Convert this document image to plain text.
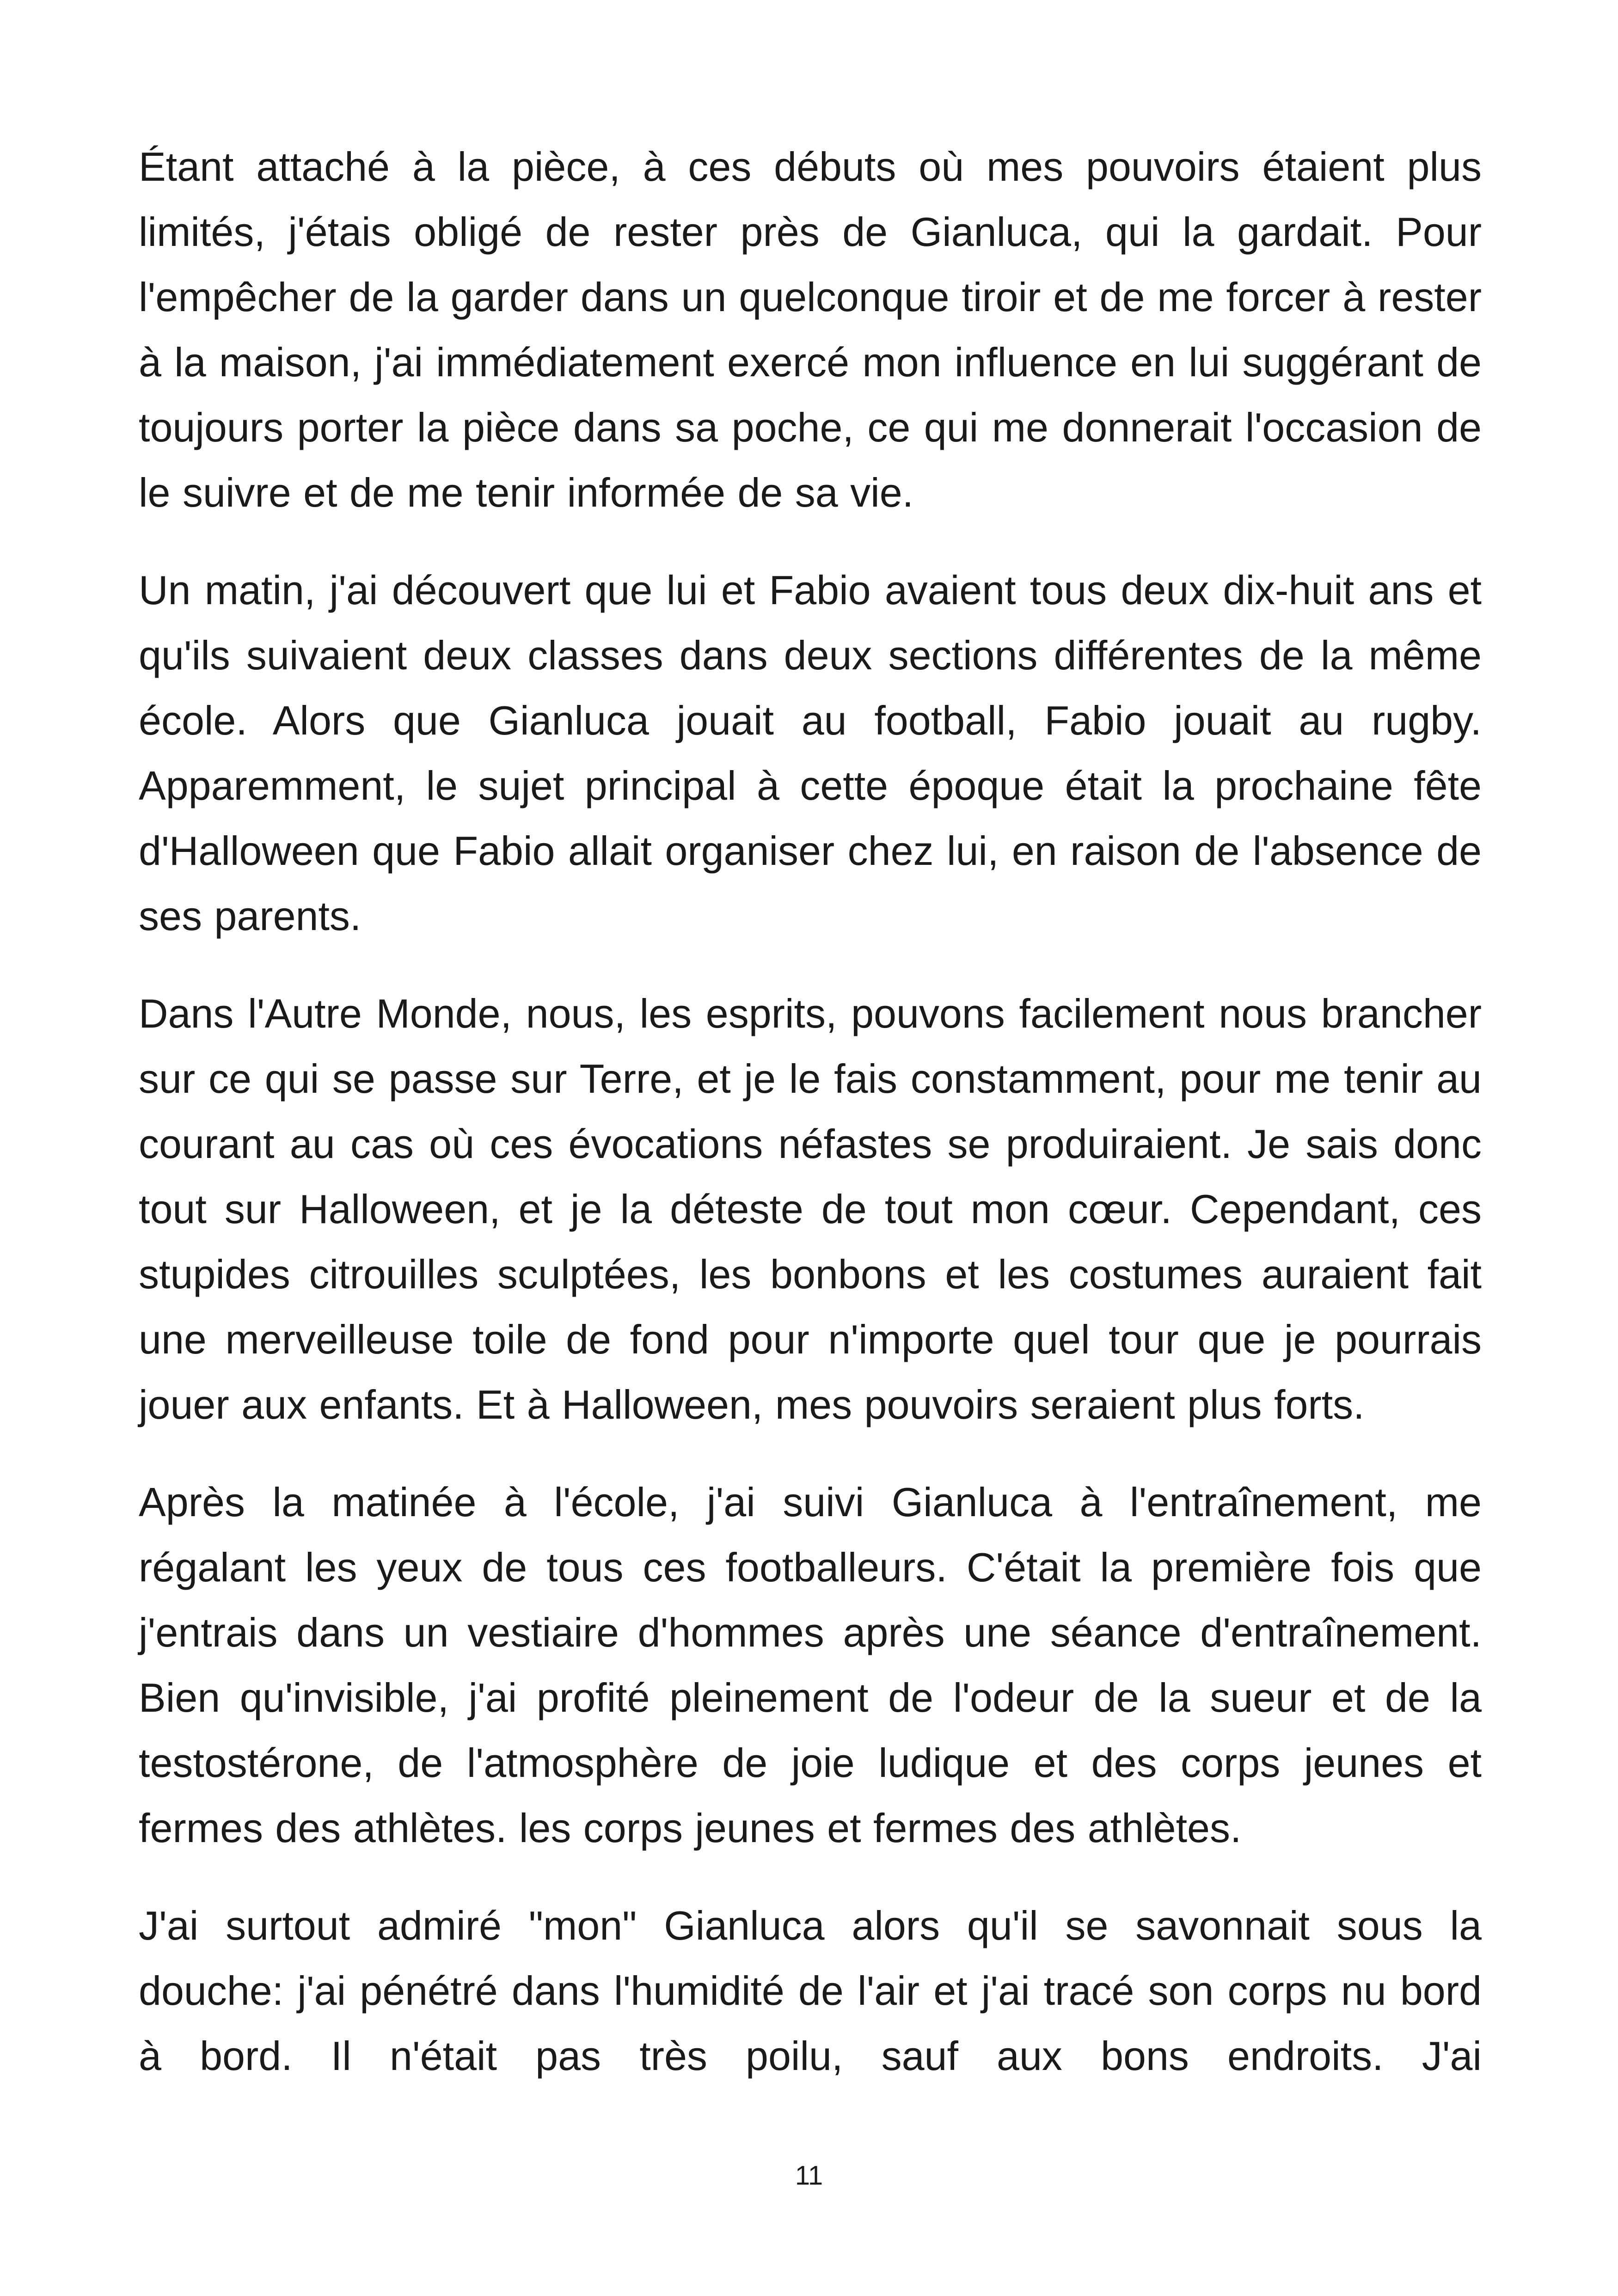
Étant attaché à la pièce, à ces débuts où mes pouvoirs étaient plus limités, j'étais obligé de rester près de Gianluca, qui la gardait. Pour l'empêcher de la garder dans un quelconque tiroir et de me forcer à rester à la maison, j'ai immédiatement exercé mon influence en lui suggérant de toujours porter la pièce dans sa poche, ce qui me donnerait l'occasion de le suivre et de me tenir informée de sa vie.

Un matin, j'ai découvert que lui et Fabio avaient tous deux dix-huit ans et qu'ils suivaient deux classes dans deux sections différentes de la même école. Alors que Gianluca jouait au football, Fabio jouait au rugby. Apparemment, le sujet principal à cette époque était la prochaine fête d'Halloween que Fabio allait organiser chez lui, en raison de l'absence de ses parents.

Dans l'Autre Monde, nous, les esprits, pouvons facilement nous brancher sur ce qui se passe sur Terre, et je le fais constamment, pour me tenir au courant au cas où ces évocations néfastes se produiraient. Je sais donc tout sur Halloween, et je la déteste de tout mon cœur. Cependant, ces stupides citrouilles sculptées, les bonbons et les costumes auraient fait une merveilleuse toile de fond pour n'importe quel tour que je pourrais jouer aux enfants. Et à Halloween, mes pouvoirs seraient plus forts.

Après la matinée à l'école, j'ai suivi Gianluca à l'entraînement, me régalant les yeux de tous ces footballeurs. C'était la première fois que j'entrais dans un vestiaire d'hommes après une séance d'entraînement. Bien qu'invisible, j'ai profité pleinement de l'odeur de la sueur et de la testostérone, de l'atmosphère de joie ludique et des corps jeunes et fermes des athlètes. les corps jeunes et fermes des athlètes.

J'ai surtout admiré "mon" Gianluca alors qu'il se savonnait sous la douche: j'ai pénétré dans l'humidité de l'air et j'ai tracé son corps nu bord à bord. Il n'était pas très poilu, sauf aux bons endroits. J'ai

11
